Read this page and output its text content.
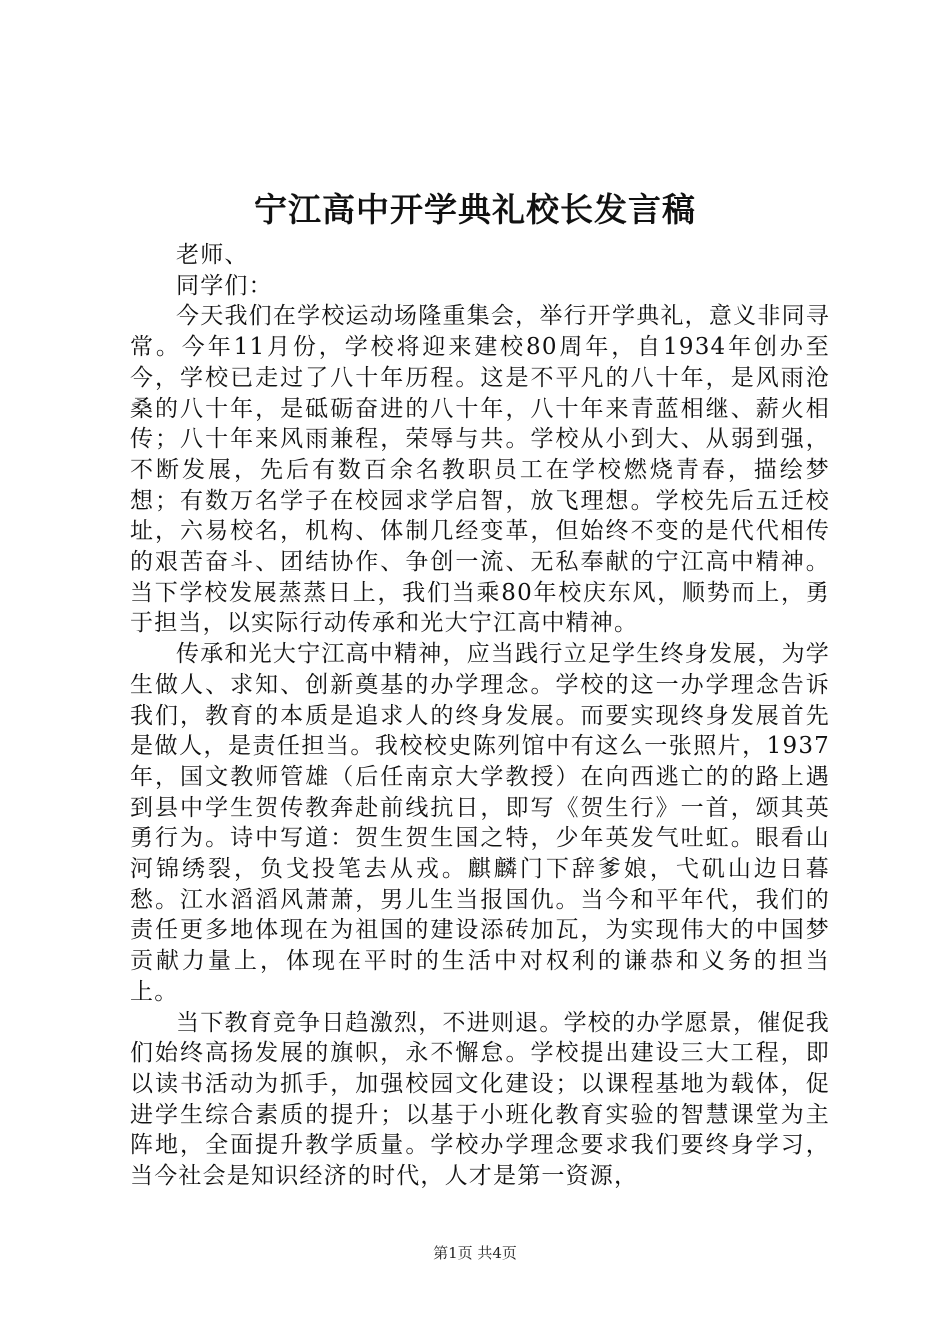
宁江高中开学典礼校长发言稿

老师、

同学们：

今天我们在学校运动场隆重集会，举行开学典礼，意义非同寻常。今年11月份，学校将迎来建校80周年，自1934年创办至今，学校已走过了八十年历程。这是不平凡的八十年，是风雨沧桑的八十年，是砥砺奋进的八十年，八十年来青蓝相继、薪火相传；八十年来风雨兼程，荣辱与共。学校从小到大、从弱到强，不断发展，先后有数百余名教职员工在学校燃烧青春，描绘梦想；有数万名学子在校园求学启智，放飞理想。学校先后五迁校址，六易校名，机构、体制几经变革，但始终不变的是代代相传的艰苦奋斗、团结协作、争创一流、无私奉献的宁江高中精神。当下学校发展蒸蒸日上，我们当乘80年校庆东风，顺势而上，勇于担当，以实际行动传承和光大宁江高中精神。

传承和光大宁江高中精神，应当践行立足学生终身发展，为学生做人、求知、创新奠基的办学理念。学校的这一办学理念告诉我们，教育的本质是追求人的终身发展。而要实现终身发展首先是做人，是责任担当。我校校史陈列馆中有这么一张照片，1937年，国文教师管雄（后任南京大学教授）在向西逃亡的的路上遇到县中学生贺传教奔赴前线抗日，即写《贺生行》一首，颂其英勇行为。诗中写道：贺生贺生国之特，少年英发气吐虹。眼看山河锦绣裂，负戈投笔去从戎。麒麟门下辞爹娘，弋矶山边日暮愁。江水滔滔风萧萧，男儿生当报国仇。当今和平年代，我们的责任更多地体现在为祖国的建设添砖加瓦，为实现伟大的中国梦贡献力量上，体现在平时的生活中对权利的谦恭和义务的担当上。

当下教育竞争日趋激烈，不进则退。学校的办学愿景，催促我们始终高扬发展的旗帜，永不懈怠。学校提出建设三大工程，即以读书活动为抓手，加强校园文化建设；以课程基地为载体，促进学生综合素质的提升；以基于小班化教育实验的智慧课堂为主阵地，全面提升教学质量。学校办学理念要求我们要终身学习，当今社会是知识经济的时代，人才是第一资源，

第1页 共4页
